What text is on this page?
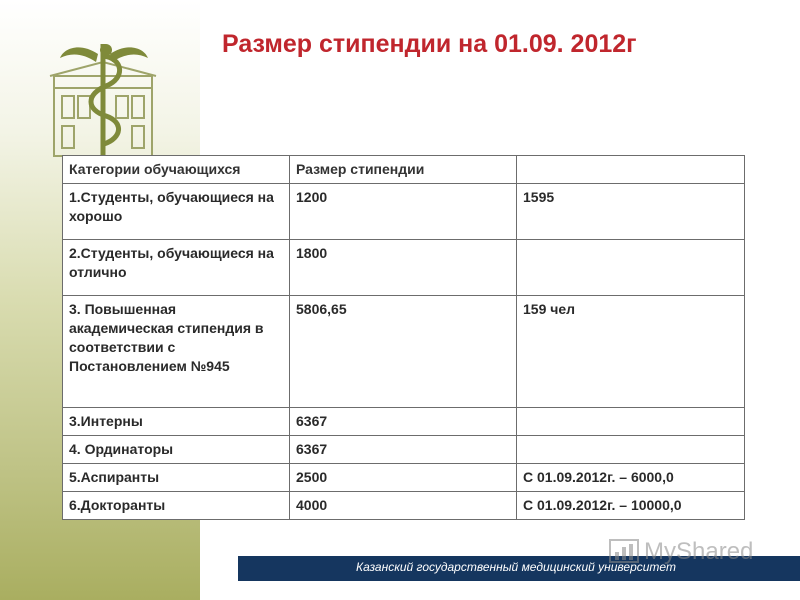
Размер стипендии на 01.09. 2012г
Категории обучающихся	Размер стипендии	
1.Студенты, обучающиеся на хорошо	1200	1595
2.Студенты, обучающиеся на отлично	1800	
3. Повышенная академическая стипендия в соответствии с Постановлением №945	5806,65	159 чел
3.Интерны	6367	
4. Ординаторы	6367	
5.Аспиранты	2500	С 01.09.2012г. – 6000,0
6.Докторанты	4000	С 01.09.2012г. – 10000,0
Казанский государственный медицинский университет
MyShared
